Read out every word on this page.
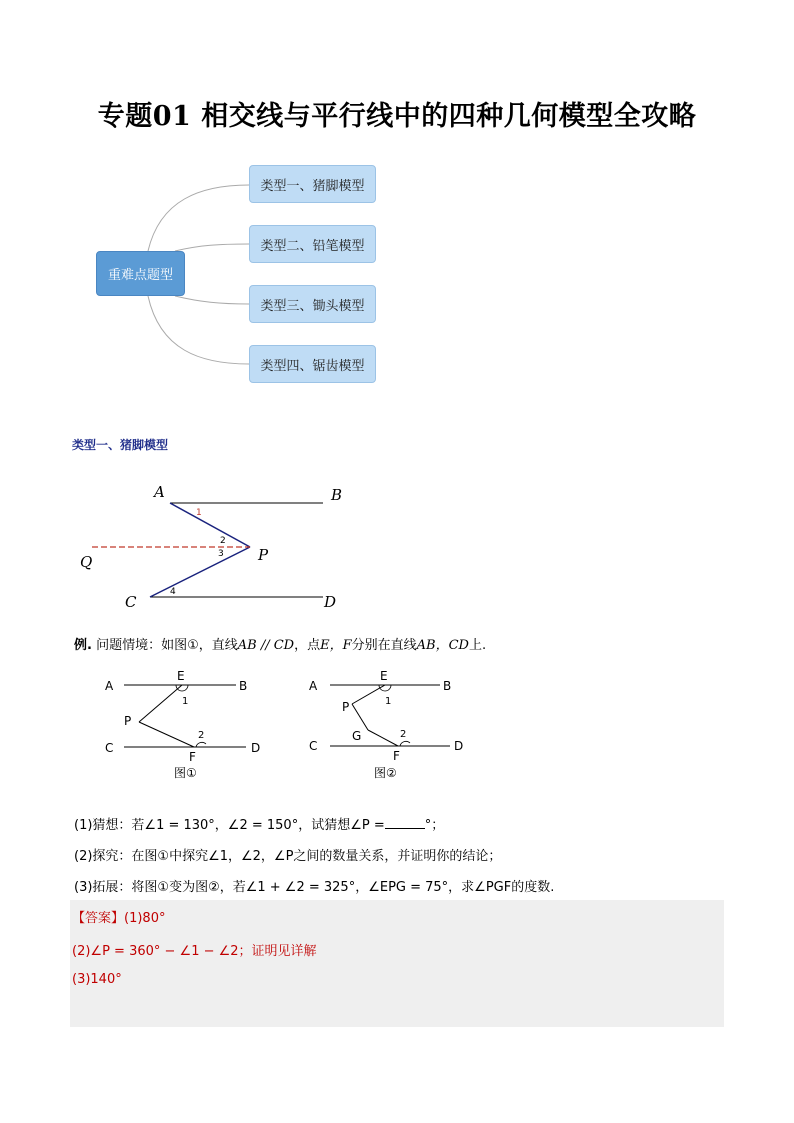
专题01 相交线与平行线中的四种几何模型全攻略
重难点题型
类型一、猪脚模型
类型二、铅笔模型
类型三、锄头模型
类型四、锯齿模型
类型一、猪脚模型
A	B
Q	P
C	D
1
2
3
4
例. 问题情境：如图①，直线AB // CD，点E，F分别在直线AB，CD上.
A
E
B
P
C
F
D
1
2
图①
A
E
B
P
G
C
F
D
1
2
图②
(1)猜想：若∠1 = 130°，∠2 = 150°，试猜想∠P =	°；
(2)探究：在图①中探究∠1，∠2，∠P之间的数量关系，并证明你的结论；
(3)拓展：将图①变为图②，若∠1 + ∠2 = 325°，∠EPG = 75°，求∠PGF的度数.
【答案】(1)80°
(2)∠P = 360° − ∠1 − ∠2；证明见详解
(3)140°
